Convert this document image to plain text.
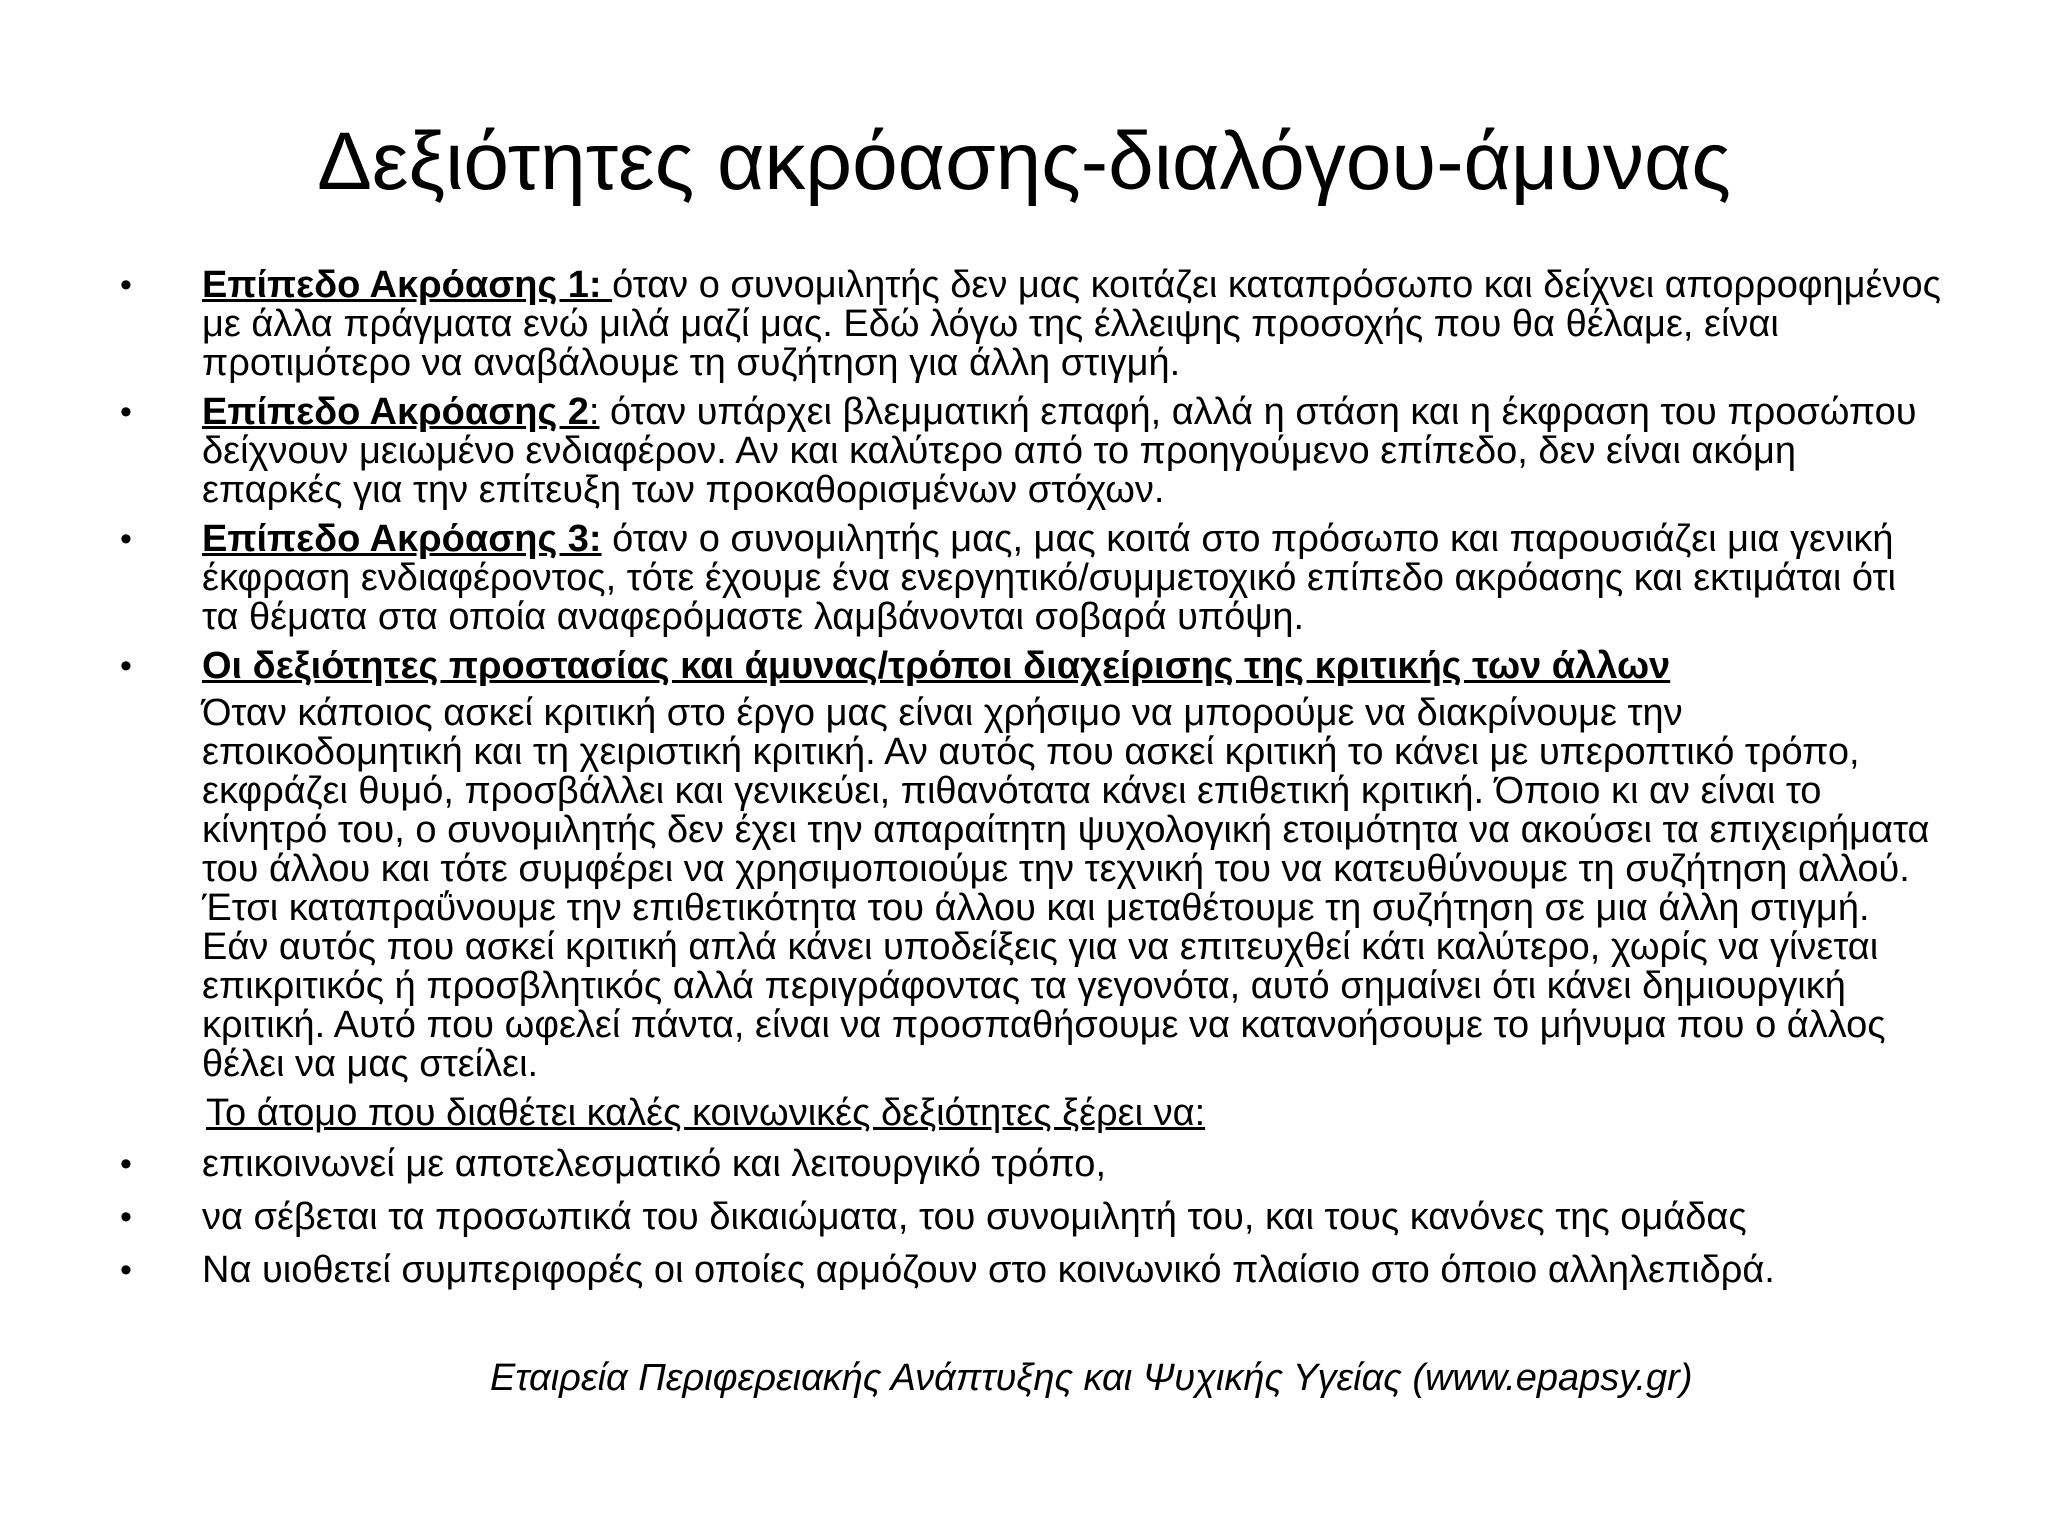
Δεξιότητες ακρόασης-διαλόγου-άμυνας
• Επίπεδο Ακρόασης 1: όταν ο συνομιλητής δεν μας κοιτάζει καταπρόσωπο και δείχνει απορροφημένος με άλλα πράγματα ενώ μιλά μαζί μας. Εδώ λόγω της έλλειψης προσοχής που θα θέλαμε, είναι προτιμότερο να αναβάλουμε τη συζήτηση για άλλη στιγμή.
• Επίπεδο Ακρόασης 2: όταν υπάρχει βλεμματική επαφή, αλλά η στάση και η έκφραση του προσώπου δείχνουν μειωμένο ενδιαφέρον. Αν και καλύτερο από το προηγούμενο επίπεδο, δεν είναι ακόμη επαρκές για την επίτευξη των προκαθορισμένων στόχων.
• Επίπεδο Ακρόασης 3: όταν ο συνομιλητής μας, μας κοιτά στο πρόσωπο και παρουσιάζει μια γενική έκφραση ενδιαφέροντος, τότε έχουμε ένα ενεργητικό/συμμετοχικό επίπεδο ακρόασης και εκτιμάται ότι τα θέματα στα οποία αναφερόμαστε λαμβάνονται σοβαρά υπόψη.
• Οι δεξιότητες προστασίας και άμυνας/τρόποι διαχείρισης της κριτικής των άλλων

Όταν κάποιος ασκεί κριτική στο έργο μας είναι χρήσιμο να μπορούμε να διακρίνουμε την εποικοδομητική και τη χειριστική κριτική. Αν αυτός που ασκεί κριτική το κάνει με υπεροπτικό τρόπο, εκφράζει θυμό, προσβάλλει και γενικεύει, πιθανότατα κάνει επιθετική κριτική. Όποιο κι αν είναι το κίνητρό του, ο συνομιλητής δεν έχει την απαραίτητη ψυχολογική ετοιμότητα να ακούσει τα επιχειρήματα του άλλου και τότε συμφέρει να χρησιμοποιούμε την τεχνική του να κατευθύνουμε τη συζήτηση αλλού. Έτσι καταπραΰνουμε την επιθετικότητα του άλλου και μεταθέτουμε τη συζήτηση σε μια άλλη στιγμή. Εάν αυτός που ασκεί κριτική απλά κάνει υποδείξεις για να επιτευχθεί κάτι καλύτερο, χωρίς να γίνεται επικριτικός ή προσβλητικός αλλά περιγράφοντας τα γεγονότα, αυτό σημαίνει ότι κάνει δημιουργική κριτική. Αυτό που ωφελεί πάντα, είναι να προσπαθήσουμε να κατανοήσουμε το μήνυμα που ο άλλος θέλει να μας στείλει.

Το άτομο που διαθέτει καλές κοινωνικές δεξιότητες ξέρει να:

• επικοινωνεί με αποτελεσματικό και λειτουργικό τρόπο,
• να σέβεται τα προσωπικά του δικαιώματα, του συνομιλητή του, και τους κανόνες της ομάδας
• Να υιοθετεί συμπεριφορές οι οποίες αρμόζουν στο κοινωνικό πλαίσιο στο όποιο αλληλεπιδρά.
Εταιρεία Περιφερειακής Ανάπτυξης και Ψυχικής Υγείας (www.epapsy.gr)
